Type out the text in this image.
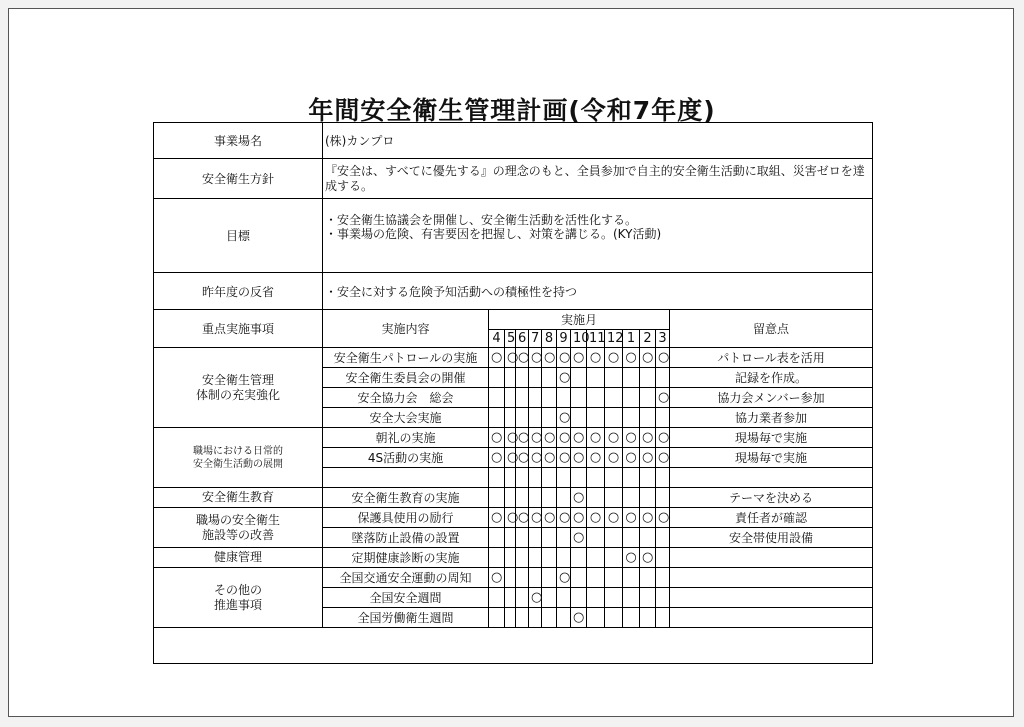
年間安全衛生管理計画(令和7年度)
事業場名	(株)カンプロ													
安全衛生方針	『安全は、すべてに優先する』の理念のもと、全員参加で自主的安全衛生活動に取組、災害ゼロを達成する。													
目標	・安全衛生協議会を開催し、安全衛生活動を活性化する。
・事業場の危険、有害要因を把握し、対策を講じる。(KY活動)													

昨年度の反省	・安全に対する危険予知活動への積極性を持つ													
重点実施事項	実施内容	実施月												留意点
		4	5	6	7	8	9	10	11	12	1	2	3	
安全衛生管理
体制の充実強化	安全衛生パトロールの実施	○	○	○	○	○	○	○	○	○	○	○	○	パトロール表を活用
	安全衛生委員会の開催						○							記録を作成。
	安全協力会　総会												○	協力会メンバー参加
	安全大会実施						○							協力業者参加
職場における日常的
安全衛生活動の展開	朝礼の実施	○	○	○	○	○	○	○	○	○	○	○	○	現場毎で実施
	4S活動の実施	○	○	○	○	○	○	○	○	○	○	○	○	現場毎で実施

安全衛生教育	安全衛生教育の実施							○						テーマを決める
職場の安全衛生
施設等の改善	保護具使用の励行	○	○	○	○	○	○	○	○	○	○	○	○	責任者が確認
	墜落防止設備の設置							○						安全帯使用設備
健康管理	定期健康診断の実施										○	○		
その他の
推進事項	全国交通安全運動の周知	○					○							
	全国安全週間				○									
	全国労働衛生週間							○						
